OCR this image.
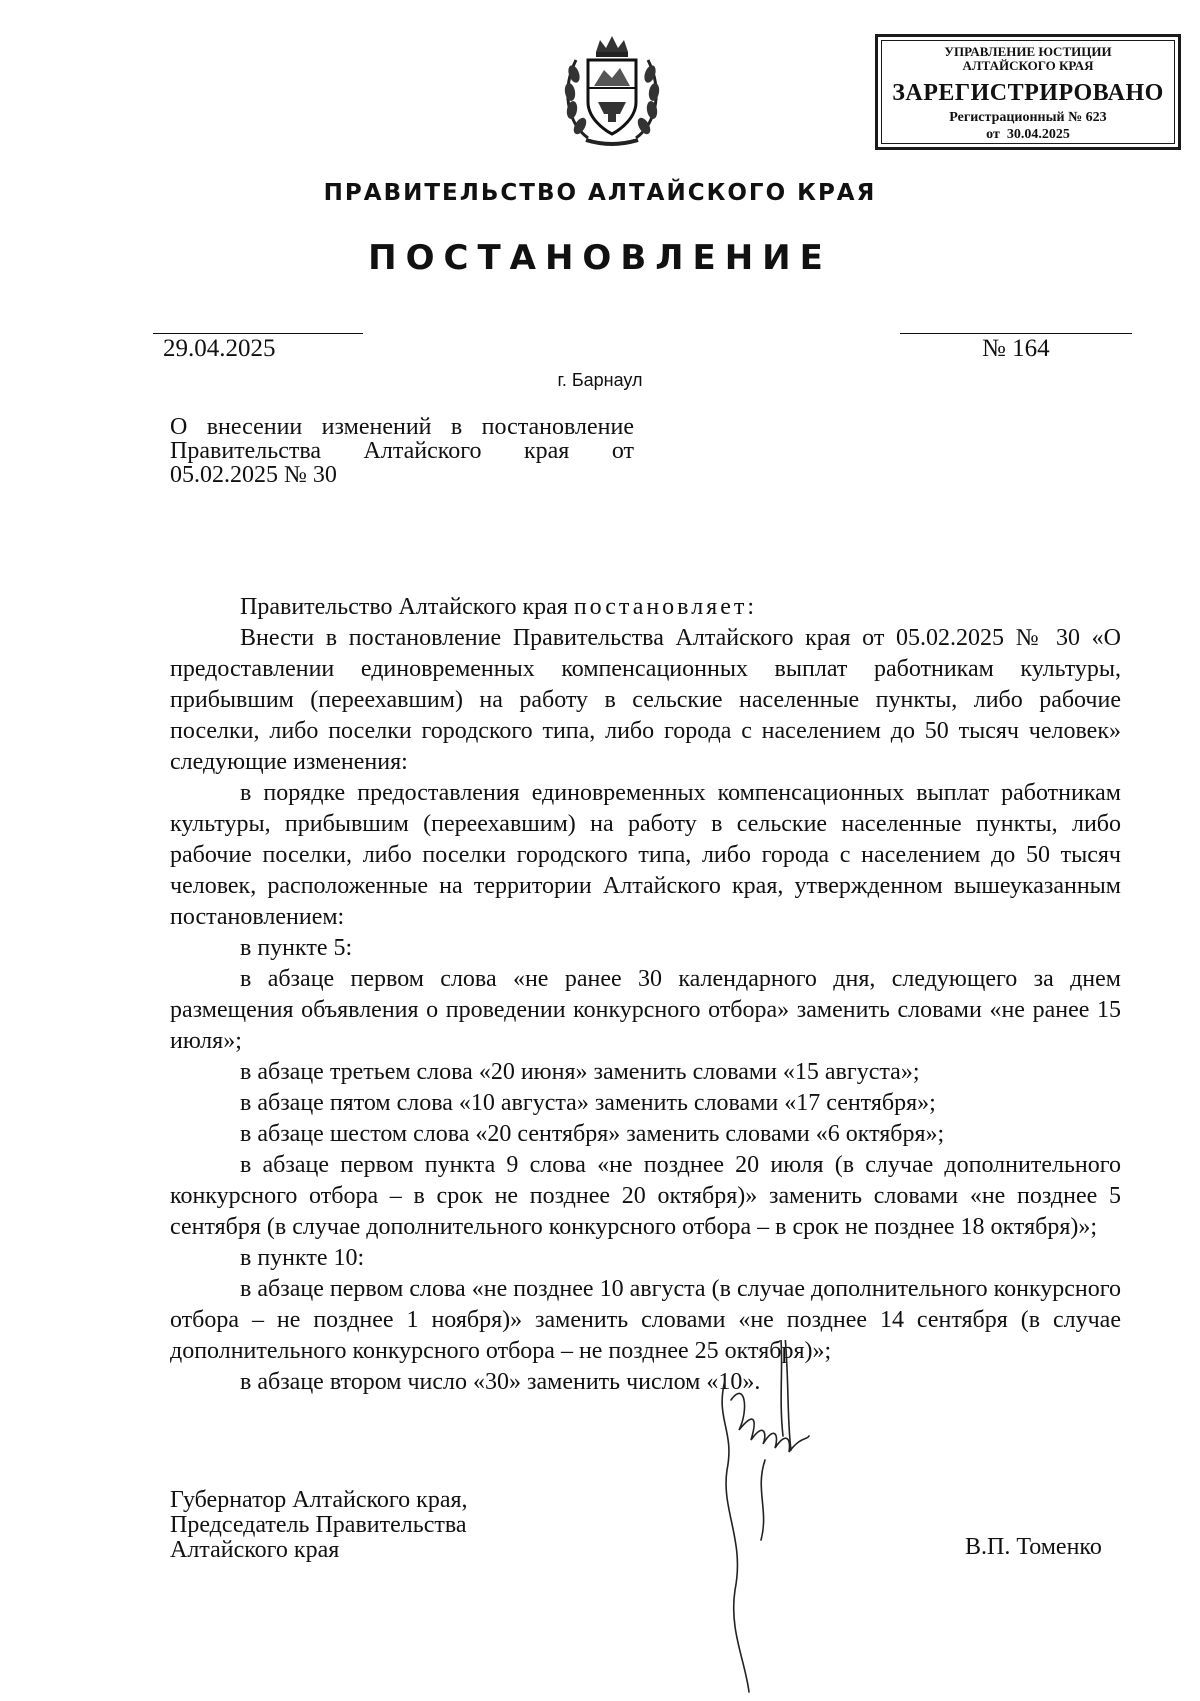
УПРАВЛЕНИЕ ЮСТИЦИИ
АЛТАЙСКОГО КРАЯ
ЗАРЕГИСТРИРОВАНО
Регистрационный № 623
от  30.04.2025
ПРАВИТЕЛЬСТВО АЛТАЙСКОГО КРАЯ
ПОСТАНОВЛЕНИЕ
29.04.2025	№ 164
г. Барнаул
О внесении изменений в постановление
Правительства Алтайского края от
05.02.2025 № 30

Правительство Алтайского края постановляет:

Внести в постановление Правительства Алтайского края от 05.02.2025 № 30 «О предоставлении единовременных компенсационных выплат работникам культуры, прибывшим (переехавшим) на работу в сельские населенные пункты, либо рабочие поселки, либо поселки городского типа, либо города с населением до 50 тысяч человек» следующие изменения:

в порядке предоставления единовременных компенсационных выплат работникам культуры, прибывшим (переехавшим) на работу в сельские населенные пункты, либо рабочие поселки, либо поселки городского типа, либо города с населением до 50 тысяч человек, расположенные на территории Алтайского края, утвержденном вышеуказанным постановлением:

в пункте 5:

в абзаце первом слова «не ранее 30 календарного дня, следующего за днем размещения объявления о проведении конкурсного отбора» заменить словами «не ранее 15 июля»;

в абзаце третьем слова «20 июня» заменить словами «15 августа»;

в абзаце пятом слова «10 августа» заменить словами «17 сентября»;

в абзаце шестом слова «20 сентября» заменить словами «6 октября»;

в абзаце первом пункта 9 слова «не позднее 20 июля (в случае дополнительного конкурсного отбора – в срок не позднее 20 октября)» заменить словами «не позднее 5 сентября (в случае дополнительного конкурсного отбора – в срок не позднее 18 октября)»;

в пункте 10:

в абзаце первом слова «не позднее 10 августа (в случае дополнительного конкурсного отбора – не позднее 1 ноября)» заменить словами «не позднее 14 сентября (в случае дополнительного конкурсного отбора – не позднее 25 октября)»;

в абзаце втором число «30» заменить числом «10».

Губернатор Алтайского края,
Председатель Правительства
Алтайского края	В.П. Томенко
